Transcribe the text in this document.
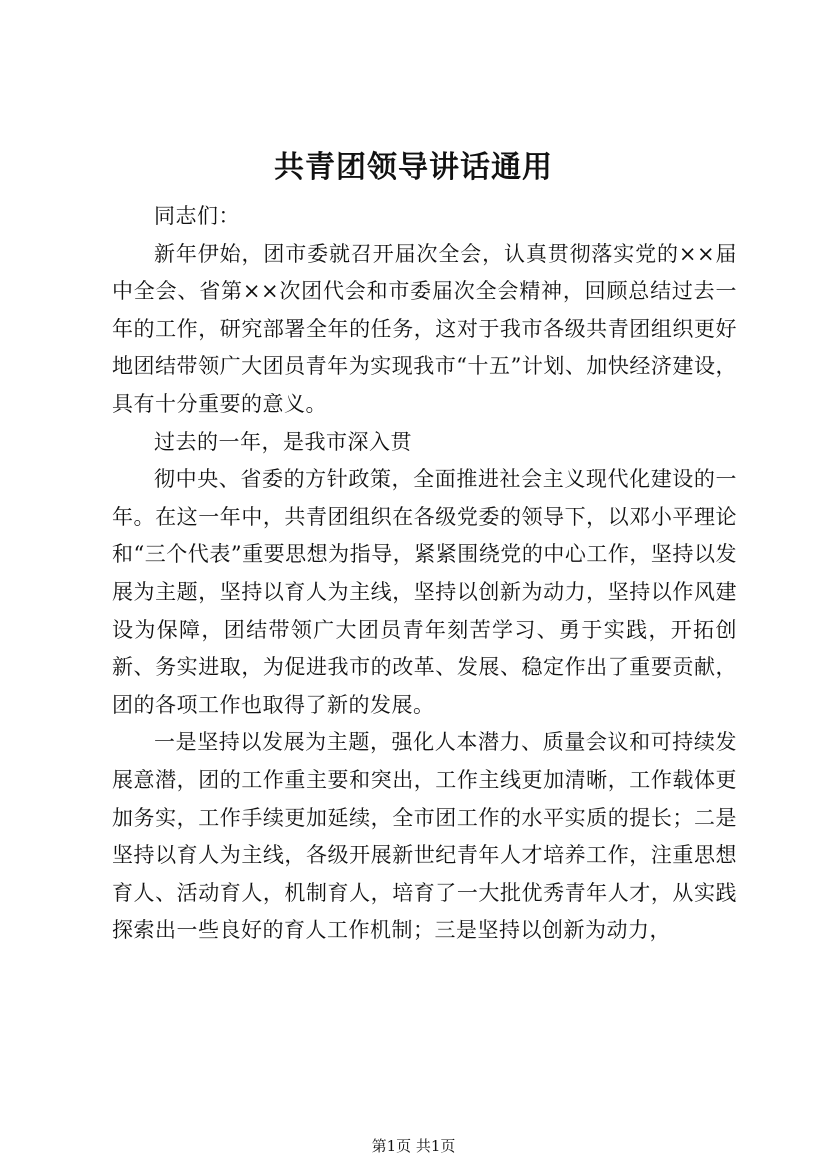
共青团领导讲话通用

同志们：

新年伊始，团市委就召开届次全会，认真贯彻落实党的××届中全会、省第××次团代会和市委届次全会精神，回顾总结过去一年的工作，研究部署全年的任务，这对于我市各级共青团组织更好地团结带领广大团员青年为实现我市“十五”计划、加快经济建设，具有十分重要的意义。

过去的一年，是我市深入贯

彻中央、省委的方针政策，全面推进社会主义现代化建设的一年。在这一年中，共青团组织在各级党委的领导下，以邓小平理论和“三个代表”重要思想为指导，紧紧围绕党的中心工作，坚持以发展为主题，坚持以育人为主线，坚持以创新为动力，坚持以作风建设为保障，团结带领广大团员青年刻苦学习、勇于实践，开拓创新、务实进取，为促进我市的改革、发展、稳定作出了重要贡献，团的各项工作也取得了新的发展。

一是坚持以发展为主题，强化人本潜力、质量会议和可持续发展意潜，团的工作重主要和突出，工作主线更加清晰，工作载体更加务实，工作手续更加延续，全市团工作的水平实质的提长；二是坚持以育人为主线，各级开展新世纪青年人才培养工作，注重思想育人、活动育人，机制育人，培育了一大批优秀青年人才，从实践探索出一些良好的育人工作机制；三是坚持以创新为动力，

第1页 共1页
